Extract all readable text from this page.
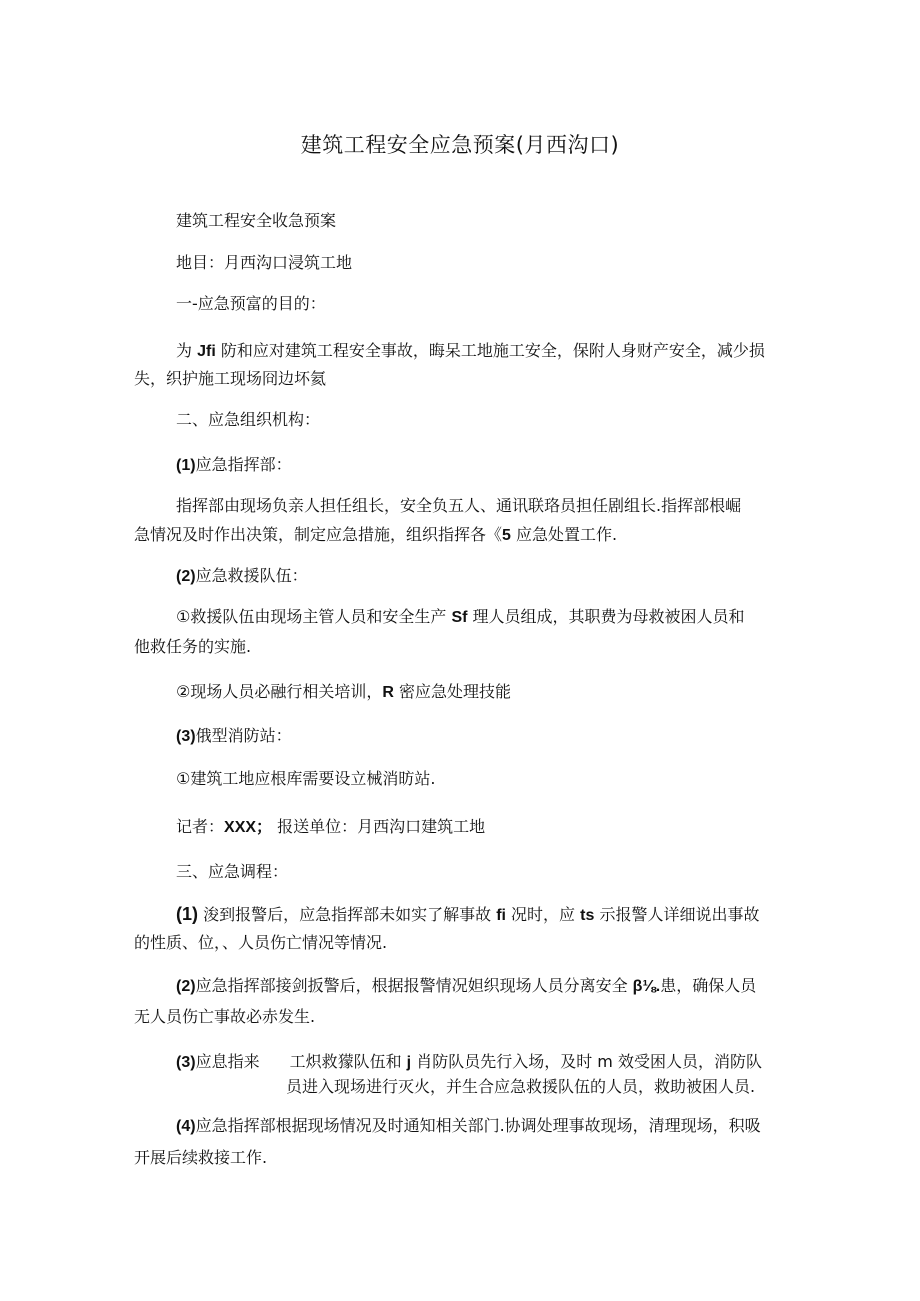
建筑工程安全应急预案(月西沟口)

建筑工程安全收急预案

地目：月西沟口浸筑工地

一-应急预富的目的：

为 Jfi 防和应对建筑工程安全事故，晦呆工地施工安全，保附人身财产安全，减少损

失，织护施工现场冏边坏氦

二、应急组织机构：

(1)应急指挥部：

指挥部由现场负亲人担任组长，安全负五人、通讯联珞员担任剧组长.指挥部根崛

急情况及时作出决策，制定应急措施，组织指挥各《5 应急处置工作.

(2)应急救援队伍：

①救援队伍由现场主管人员和安全生产 Sf 理人员组成，其职费为母救被困人员和

他救任务的实施.

②现场人员必融行相关培训，R 密应急处理技能

(3)俄型消防站：

①建筑工地应根库需要设立械消昉站.

记者：XXX； 报送单位：月西沟口建筑工地

三、应急调程：

(1) 浚到报警后，应急指挥部未如实了解事故 fi 况时，应 ts 示报警人详细说出事故

的性质、位，、人员伤亡情况等情况.

(2)应急指挥部接剑扳警后，根据报警情况妲织现场人员分离安全 β⅛.患，确保人员

无人员伤亡事故必赤发生.

(3)应息指来 工炽救獴队伍和 j 肖防队员先行入场，及时 m 效受困人员，消防队

员进入现场进行灭火，并生合应急救援队伍的人员，救助被困人员.

(4)应急指挥部根据现场情况及时通知相关部门.协调处理事故现场，清理现场，积吸

开展后续救接工作.
